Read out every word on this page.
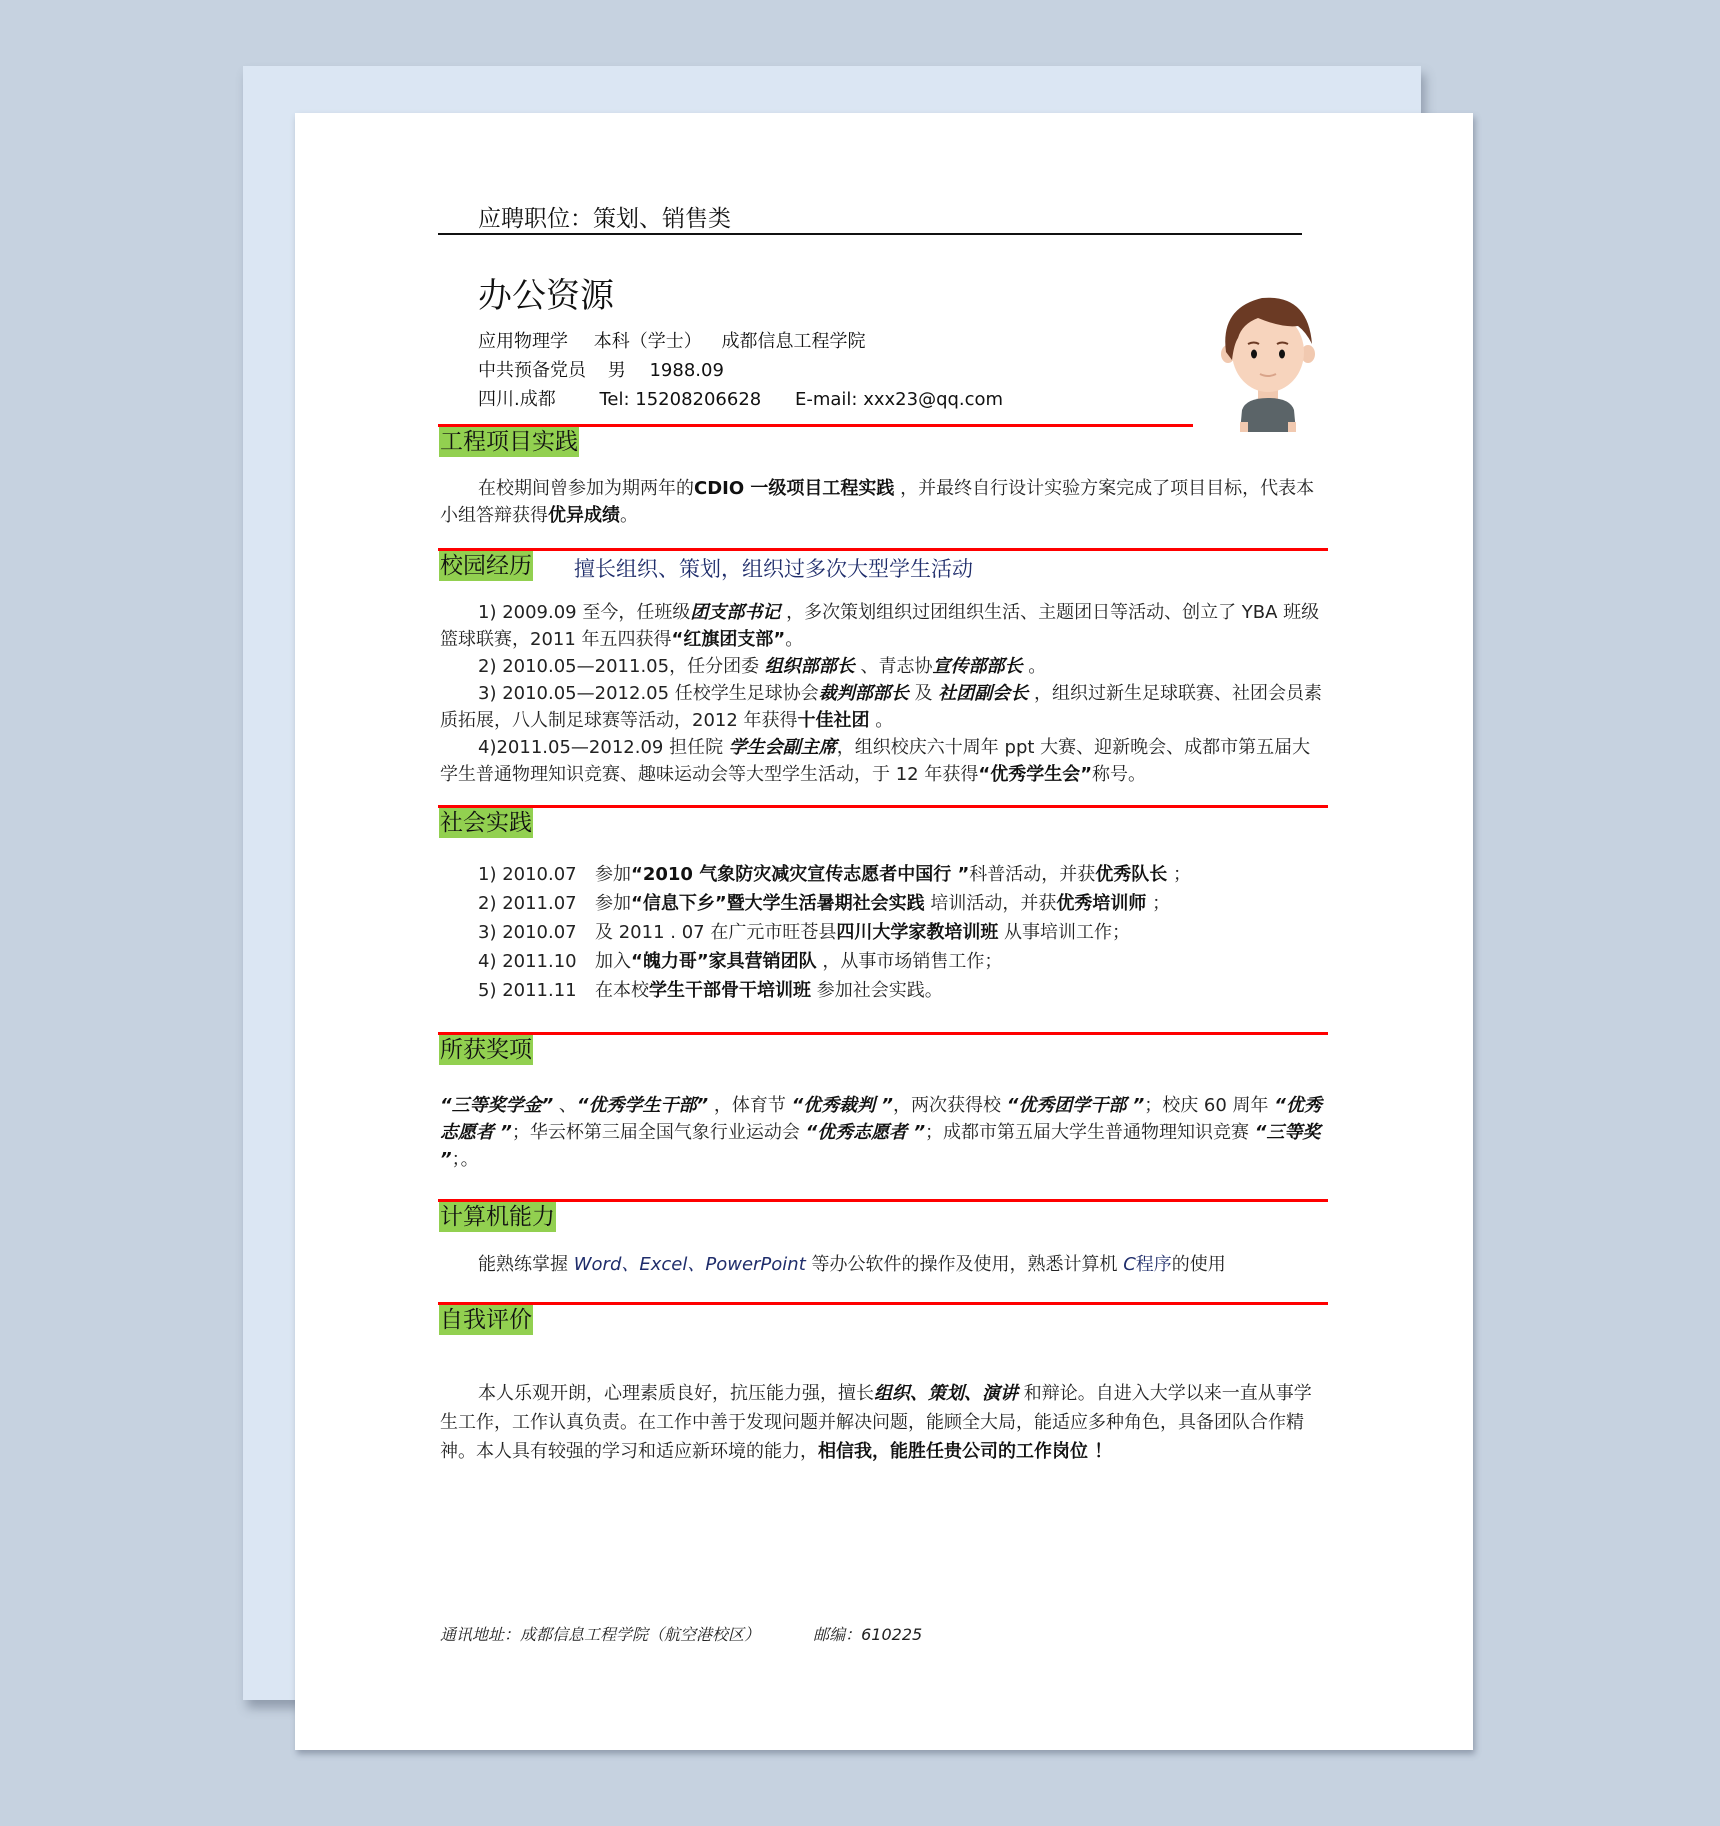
应聘职位：策划、销售类
办公资源
应用物理学 本科（学士） 成都信息工程学院
中共预备党员 男 1988.09
四川.成都 Tel: 15208206628 E-mail: xxx23@qq.com
工程项目实践

在校期间曾参加为期两年的CDIO 一级项目工程实践 ，并最终自行设计实验方案完成了项目目标，代表本小组答辩获得优异成绩。

校园经历 擅长组织、策划，组织过多次大型学生活动

1) 2009.09 至今，任班级团支部书记 ，多次策划组织过团组织生活、主题团日等活动、创立了 YBA 班级篮球联赛，2011 年五四获得“红旗团支部”。

2) 2010.05—2011.05，任分团委 组织部部长 、青志协宣传部部长 。

3) 2010.05—2012.05 任校学生足球协会裁判部部长 及 社团副会长 ，组织过新生足球联赛、社团会员素质拓展，八人制足球赛等活动，2012 年获得十佳社团 。

4)2011.05—2012.09 担任院 学生会副主席，组织校庆六十周年 ppt 大赛、迎新晚会、成都市第五届大学生普通物理知识竞赛、趣味运动会等大型学生活动，于 12 年获得“优秀学生会”称号。

社会实践
1) 2010.07 参加“2010 气象防灾减灾宣传志愿者中国行 ”科普活动，并获优秀队长 ；
2) 2011.07 参加“信息下乡”暨大学生活暑期社会实践 培训活动，并获优秀培训师 ；
3) 2010.07 及 2011 . 07 在广元市旺苍县四川大学家教培训班 从事培训工作；
4) 2011.10 加入“魄力哥”家具营销团队 ，从事市场销售工作；
5) 2011.11 在本校学生干部骨干培训班 参加社会实践。
所获奖项

“三等奖学金” 、“优秀学生干部” ，体育节 “优秀裁判 ”，两次获得校 “优秀团学干部 ”；校庆 60 周年 “优秀志愿者 ”；华云杯第三届全国气象行业运动会 “优秀志愿者 ”；成都市第五届大学生普通物理知识竞赛 “三等奖 ”；。

计算机能力

能熟练掌握 Word、Excel、PowerPoint 等办公软件的操作及使用，熟悉计算机 C程序的使用

自我评价

本人乐观开朗，心理素质良好，抗压能力强，擅长组织、策划、演讲 和辩论。自进入大学以来一直从事学生工作，工作认真负责。在工作中善于发现问题并解决问题，能顾全大局，能适应多种角色，具备团队合作精神。本人具有较强的学习和适应新环境的能力，相信我，能胜任贵公司的工作岗位 ！

通讯地址：成都信息工程学院（航空港校区）	邮编：610225
